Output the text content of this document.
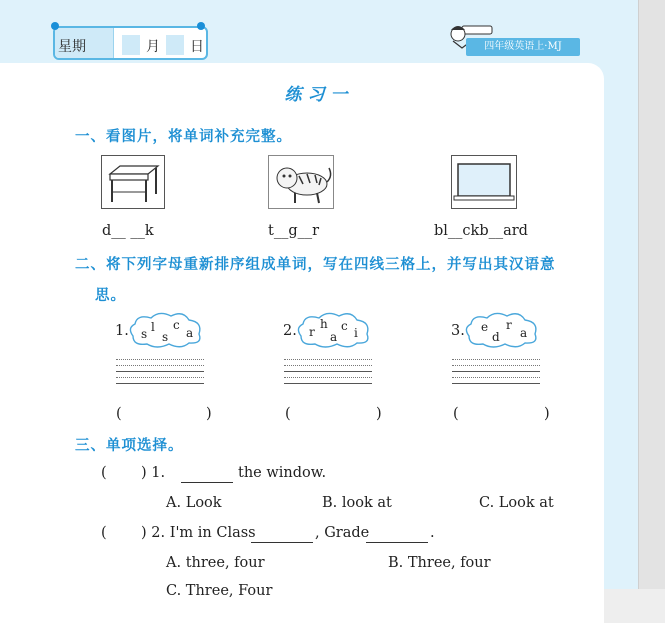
星期	月 日	四年级英语上·MJ
练习一
一、看图片，将单词补充完整。
d__ __k	t__g__r	bl__ckb__ard
二、将下列字母重新排序组成单词，写在四线三格上，并写出其汉语意
思。
1. s l
s
c
a
(	)
2. r
h
a
c i
(	)
3. e
d
r
a
(	)
三、单项选择。
( ) 1.	the window.
A. Look	B. look at	C. Look at
( ) 2. I'm in Class	, Grade	.
A. three, four	B. Three, four
C. Three, Four
